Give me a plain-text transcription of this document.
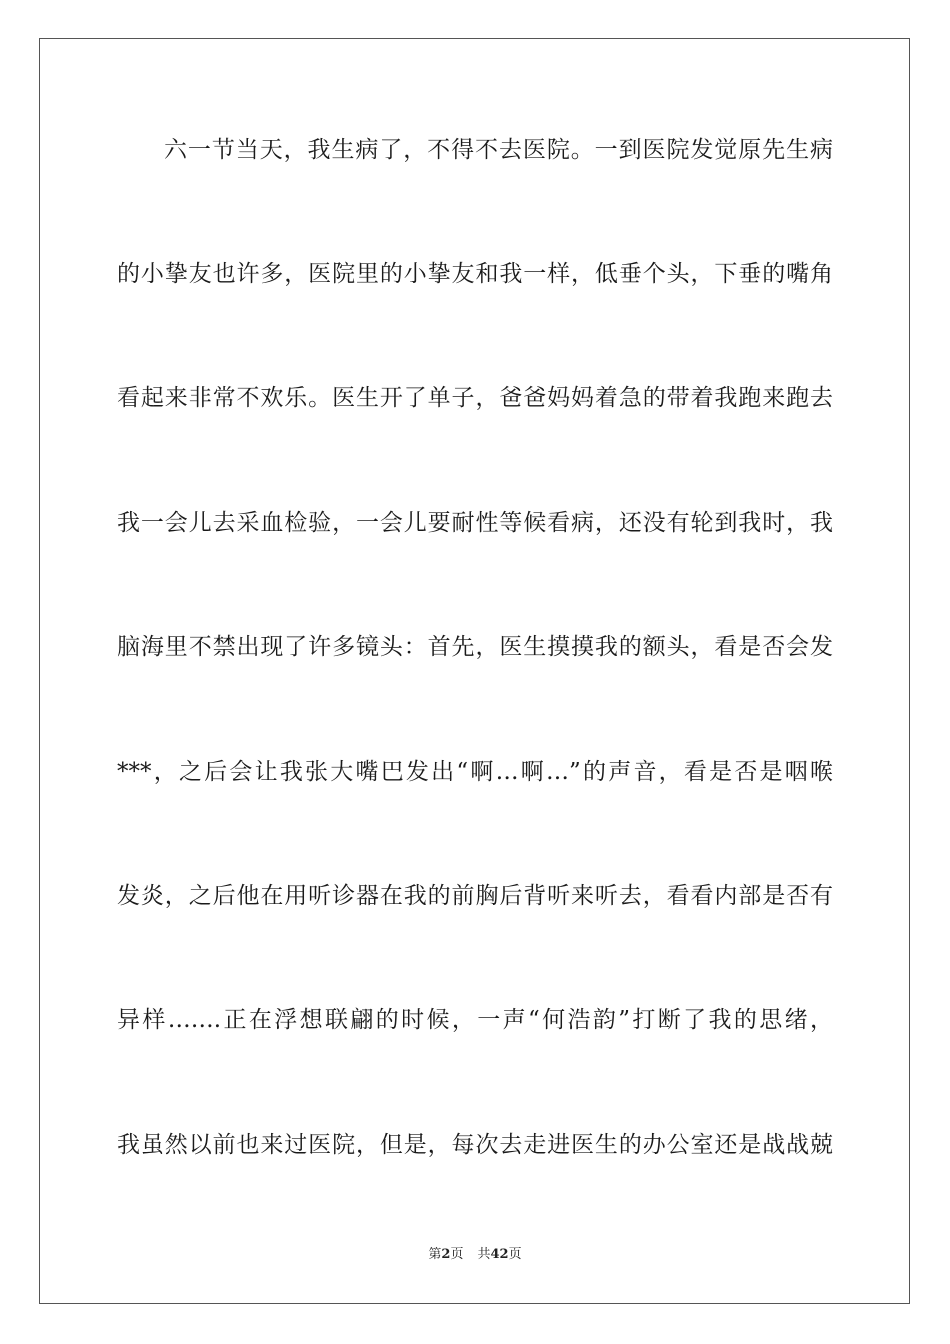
六一节当天，我生病了，不得不去医院。一到医院发觉原先生病
的小挚友也许多，医院里的小挚友和我一样，低垂个头，下垂的嘴角
看起来非常不欢乐。医生开了单子，爸爸妈妈着急的带着我跑来跑去
我一会儿去采血检验，一会儿要耐性等候看病，还没有轮到我时，我
脑海里不禁出现了许多镜头：首先，医生摸摸我的额头，看是否会发
***，之后会让我张大嘴巴发出“啊…啊…”的声音，看是否是咽喉
发炎，之后他在用听诊器在我的前胸后背听来听去，看看内部是否有
异样…….正在浮想联翩的时候，一声“何浩韵”打断了我的思绪，
我虽然以前也来过医院，但是，每次去走进医生的办公室还是战战兢
第2页 共42页
